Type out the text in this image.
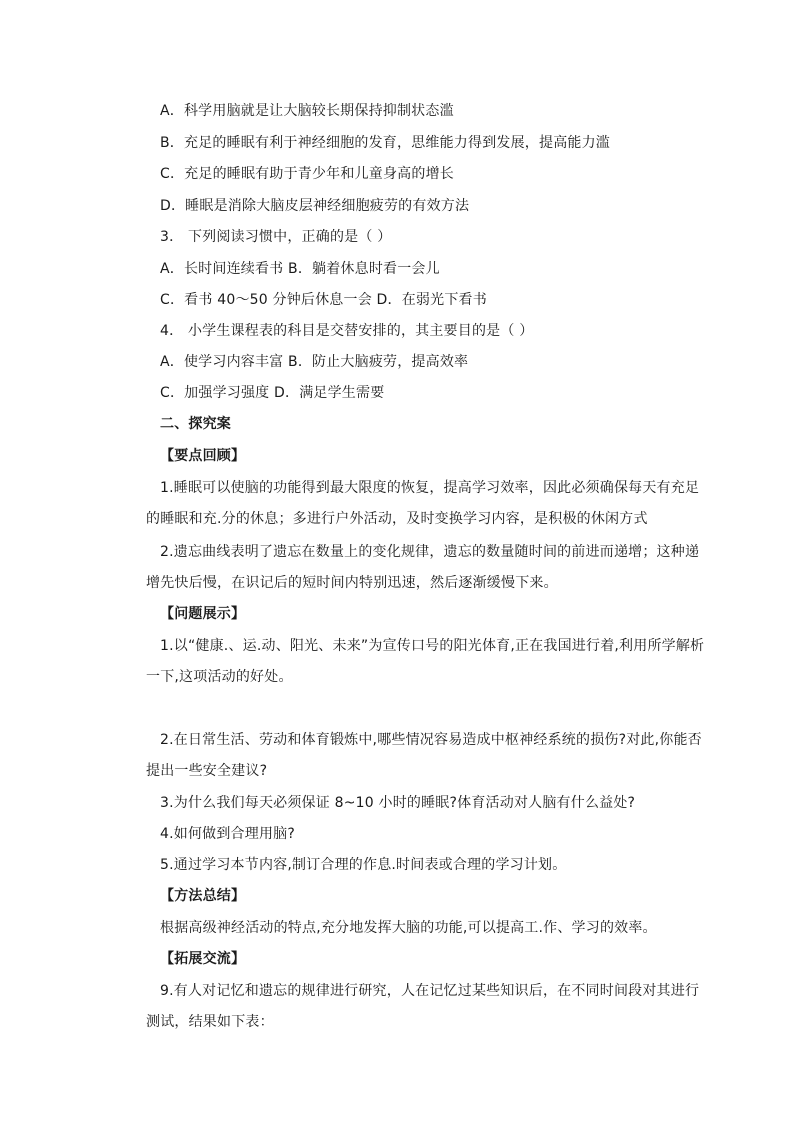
A．科学用脑就是让大脑较长期保持抑制状态滥
B．充足的睡眠有利于神经细胞的发育，思维能力得到发展，提高能力滥
C．充足的睡眠有助于青少年和儿童身高的增长
D．睡眠是消除大脑皮层神经细胞疲劳的有效方法
3． 下列阅读习惯中，正确的是（ ）
A．长时间连续看书 B．躺着休息时看一会儿
C．看书 40～50 分钟后休息一会 D．在弱光下看书
4． 小学生课程表的科目是交替安排的，其主要目的是（ ）
A．使学习内容丰富 B．防止大脑疲劳，提高效率
C．加强学习强度 D．满足学生需要
二、探究案
【要点回顾】
1.睡眠可以使脑的功能得到最大限度的恢复，提高学习效率，因此必须确保每天有充足
的睡眠和充.分的休息；多进行户外活动，及时变换学习内容，是积极的休闲方式
2.遗忘曲线表明了遗忘在数量上的变化规律，遗忘的数量随时间的前进而递增；这种递
增先快后慢，在识记后的短时间内特别迅速，然后逐渐缓慢下来。
【问题展示】
1.以“健康.、运.动、阳光、未来”为宣传口号的阳光体育,正在我国进行着,利用所学解析
一下,这项活动的好处。
2.在日常生活、劳动和体育锻炼中,哪些情况容易造成中枢神经系统的损伤?对此,你能否
提出一些安全建议?
3.为什么我们每天必须保证 8~10 小时的睡眠?体育活动对人脑有什么益处?
4.如何做到合理用脑?
5.通过学习本节内容,制订合理的作息.时间表或合理的学习计划。
【方法总结】
根据高级神经活动的特点,充分地发挥大脑的功能,可以提高工.作、学习的效率。
【拓展交流】
9.有人对记忆和遗忘的规律进行研究，人在记忆过某些知识后，在不同时间段对其进行
测试，结果如下表：
